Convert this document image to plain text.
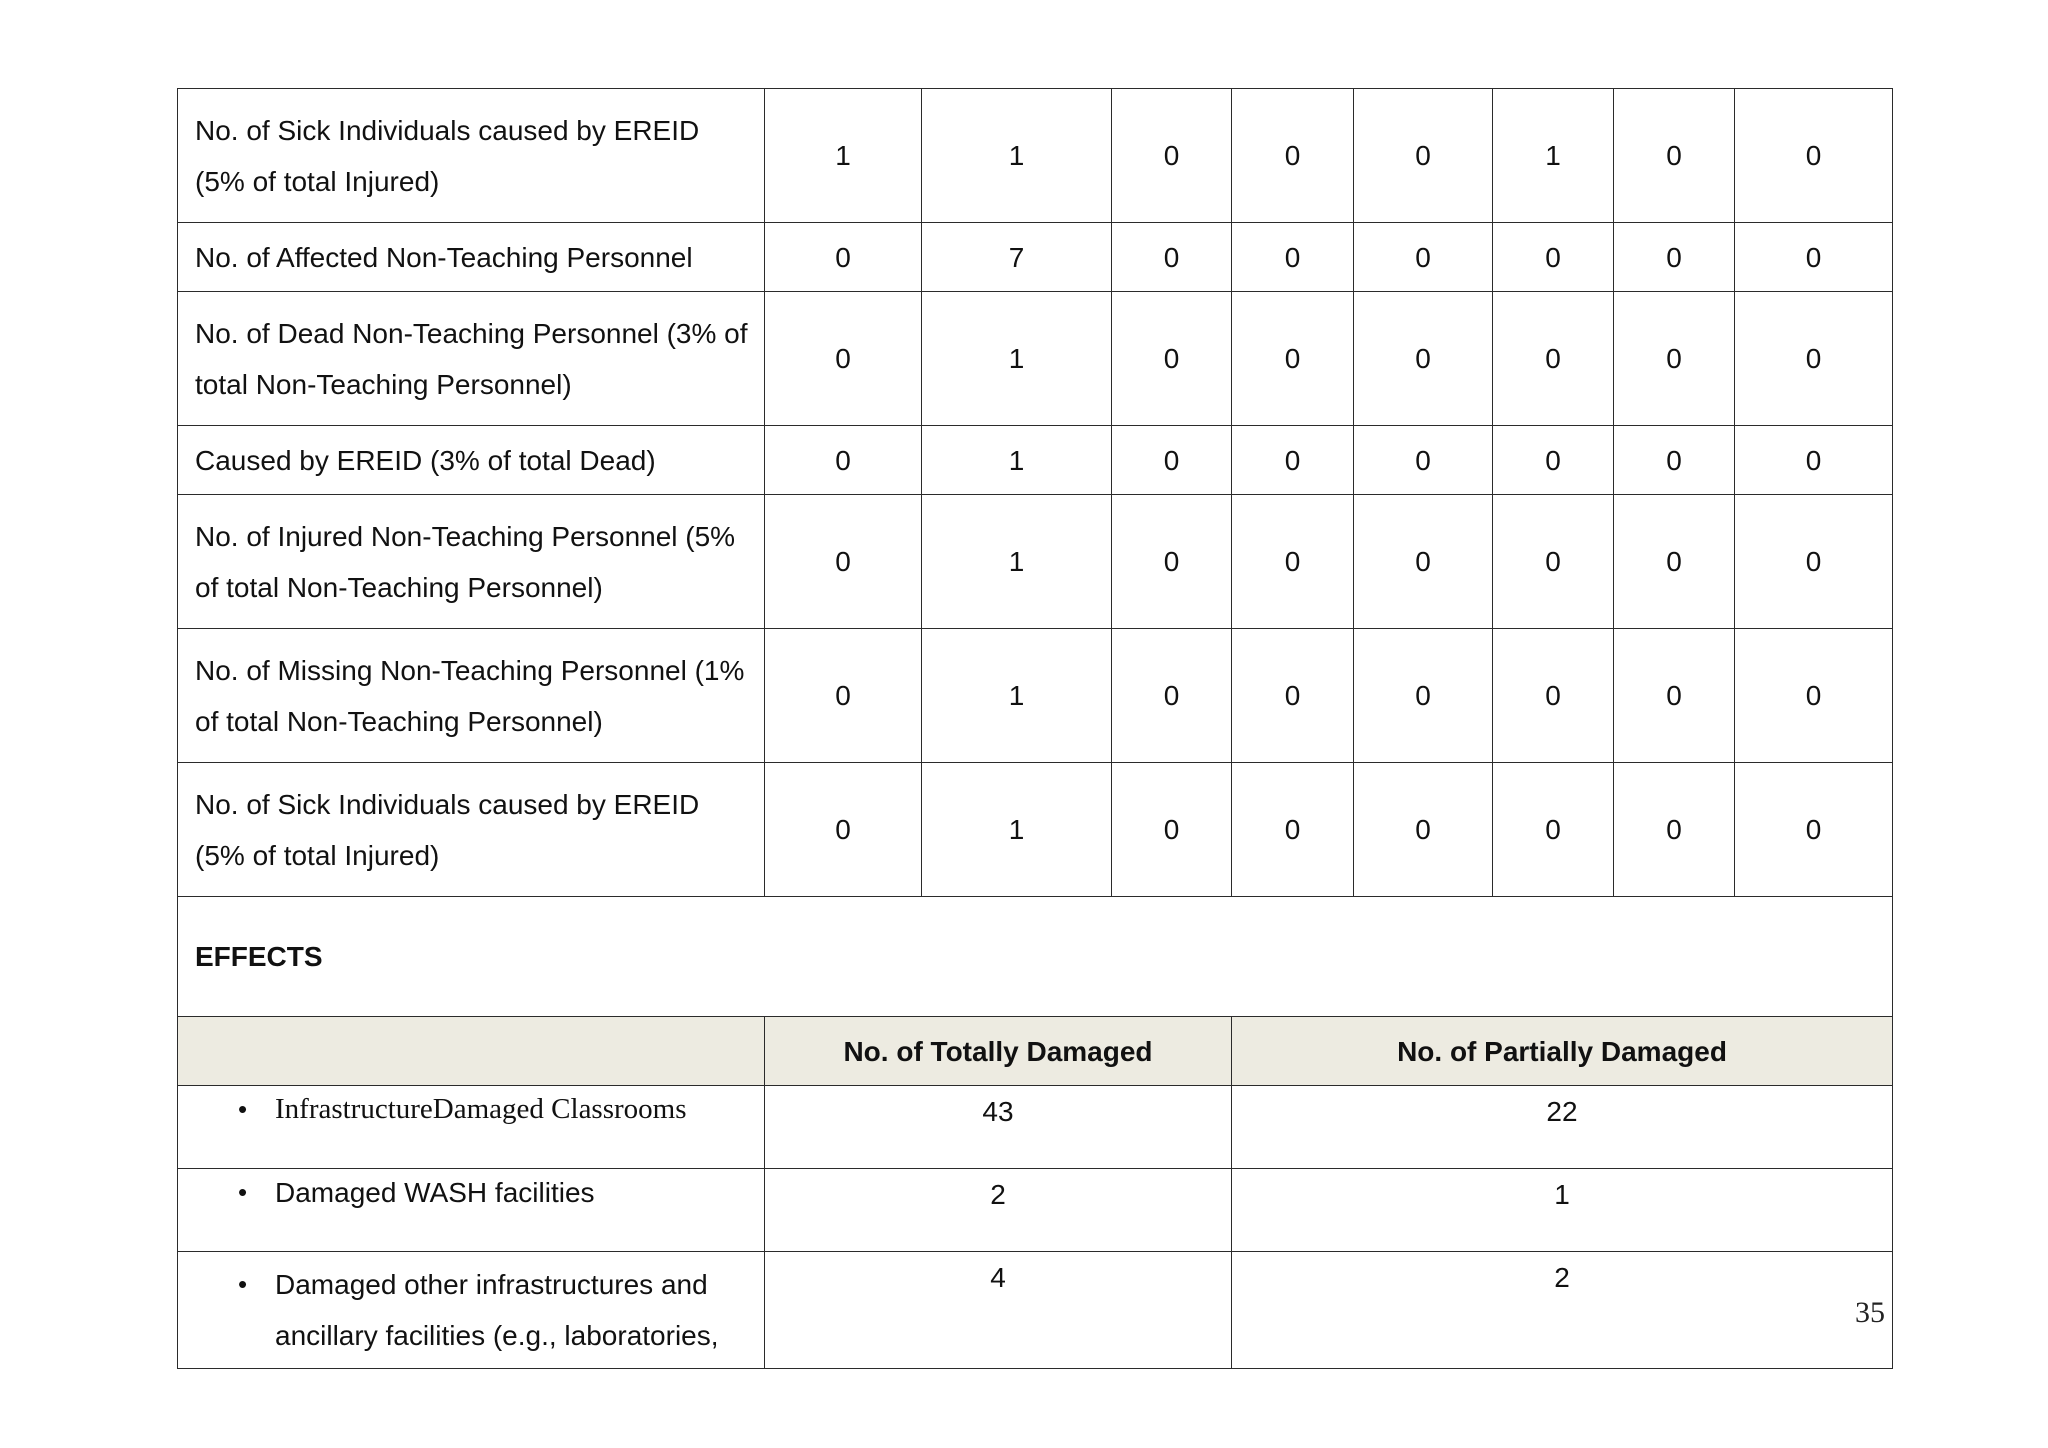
No. of Sick Individuals caused by EREID (5% of total Injured)	1	1	0	0	0	1	0	0
No. of Affected Non-Teaching Personnel	0	7	0	0	0	0	0	0
No. of Dead Non-Teaching Personnel (3% of total Non-Teaching Personnel)	0	1	0	0	0	0	0	0
Caused by EREID (3% of total Dead)	0	1	0	0	0	0	0	0
No. of Injured Non-Teaching Personnel (5% of total Non-Teaching Personnel)	0	1	0	0	0	0	0	0
No. of Missing Non-Teaching Personnel (1% of total Non-Teaching Personnel)	0	1	0	0	0	0	0	0
No. of Sick Individuals caused by EREID (5% of total Injured)	0	1	0	0	0	0	0	0
EFFECTS								
	No. of Totally Damaged			No. of Partially Damaged				

• InfrastructureDamaged Classrooms	43			22				

• Damaged WASH facilities	2			1				

• Damaged other infrastructures and ancillary facilities (e.g., laboratories,	4			2				
35
